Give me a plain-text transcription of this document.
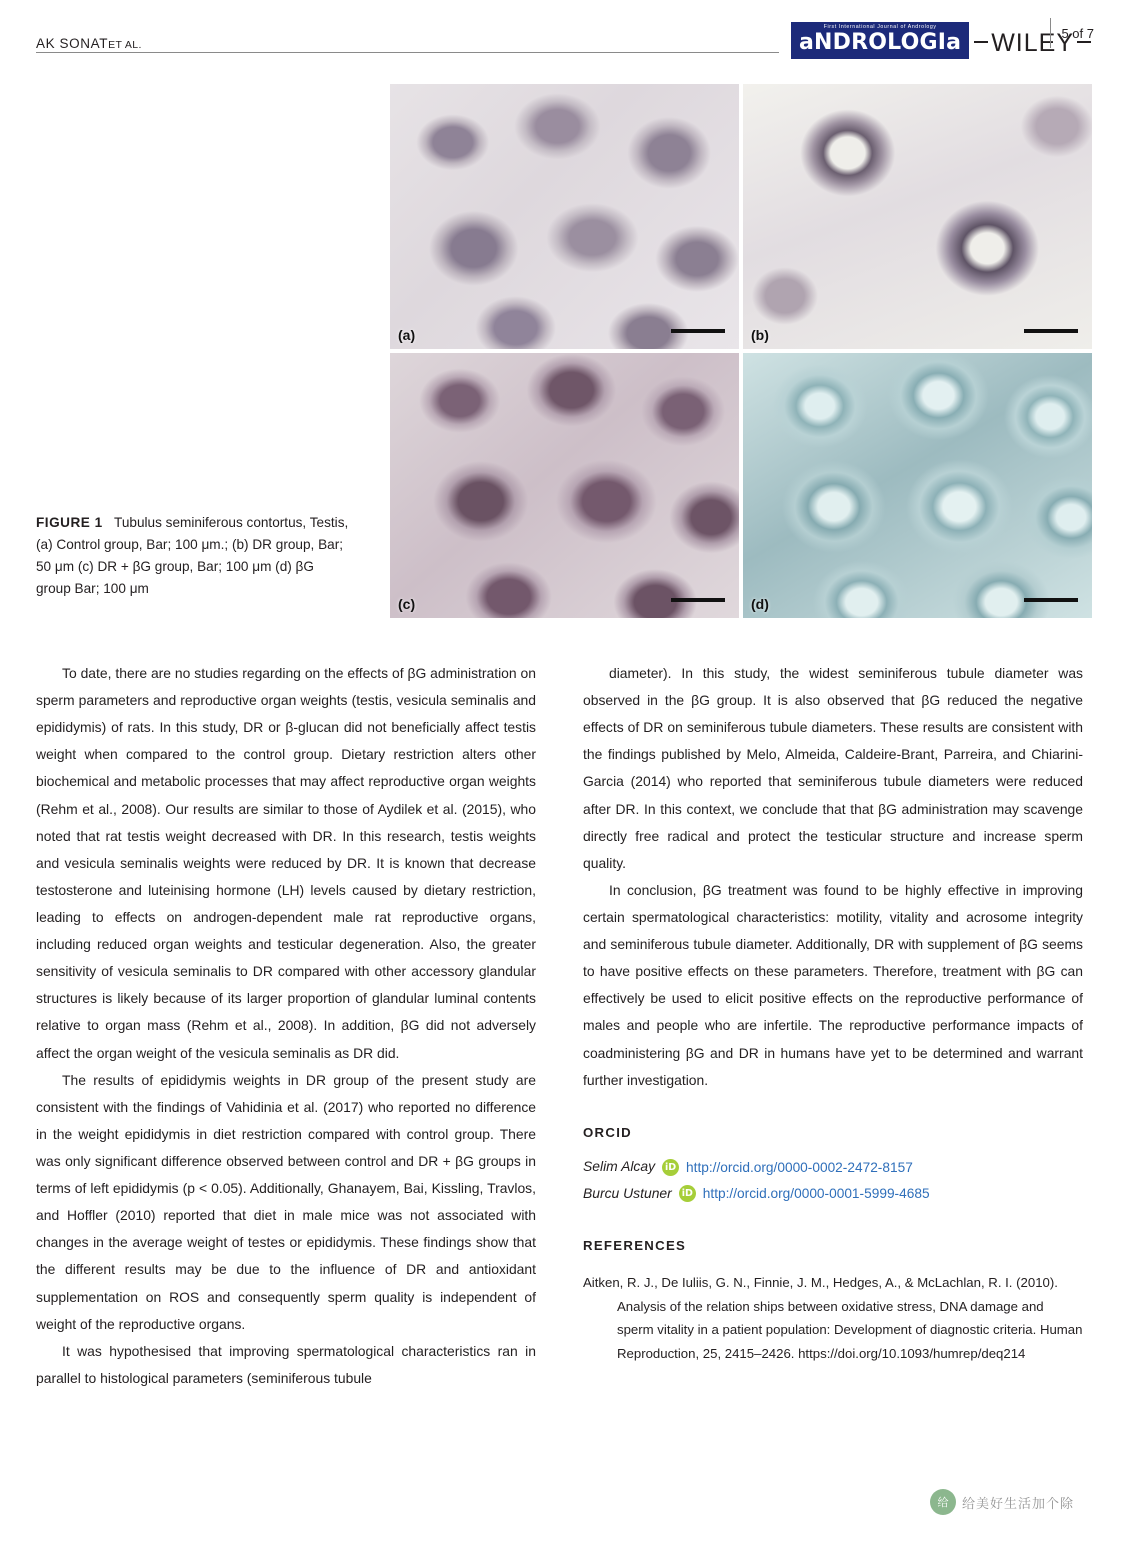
AK SONATET AL.
First International Journal of Andrology
aNDROLOGIa	WILEY
5 of 7
(a)	(b)
(c)	(d)
FIGURE 1 Tubulus seminiferous contortus, Testis, (a) Control group, Bar; 100 μm.; (b) DR group, Bar; 50 μm (c) DR + βG group, Bar; 100 μm (d) βG group Bar; 100 μm

To date, there are no studies regarding on the effects of βG administration on sperm parameters and reproductive organ weights (testis, vesicula seminalis and epididymis) of rats. In this study, DR or β-glucan did not beneficially affect testis weight when compared to the control group. Dietary restriction alters other biochemical and metabolic processes that may affect reproductive organ weights (Rehm et al., 2008). Our results are similar to those of Aydilek et al. (2015), who noted that rat testis weight decreased with DR. In this research, testis weights and vesicula seminalis weights were reduced by DR. It is known that decrease testosterone and luteinising hormone (LH) levels caused by dietary restriction, leading to effects on androgen-dependent male rat reproductive organs, including reduced organ weights and testicular degeneration. Also, the greater sensitivity of vesicula seminalis to DR compared with other accessory glandular structures is likely because of its larger proportion of glandular luminal contents relative to organ mass (Rehm et al., 2008). In addition, βG did not adversely affect the organ weight of the vesicula seminalis as DR did.

The results of epididymis weights in DR group of the present study are consistent with the findings of Vahidinia et al. (2017) who reported no difference in the weight epididymis in diet restriction compared with control group. There was only significant difference observed between control and DR + βG groups in terms of left epididymis (p < 0.05). Additionally, Ghanayem, Bai, Kissling, Travlos, and Hoffler (2010) reported that diet in male mice was not associated with changes in the average weight of testes or epididymis. These findings show that the different results may be due to the influence of DR and antioxidant supplementation on ROS and consequently sperm quality is independent of weight of the reproductive organs.

It was hypothesised that improving spermatological characteristics ran in parallel to histological parameters (seminiferous tubule

diameter). In this study, the widest seminiferous tubule diameter was observed in the βG group. It is also observed that βG reduced the negative effects of DR on seminiferous tubule diameters. These results are consistent with the findings published by Melo, Almeida, Caldeire-Brant, Parreira, and Chiarini-Garcia (2014) who reported that seminiferous tubule diameters were reduced after DR. In this context, we conclude that that βG administration may scavenge directly free radical and protect the testicular structure and increase sperm quality.

In conclusion, βG treatment was found to be highly effective in improving certain spermatological characteristics: motility, vitality and acrosome integrity and seminiferous tubule diameter. Additionally, DR with supplement of βG seems to have positive effects on these parameters. Therefore, treatment with βG can effectively be used to elicit positive effects on the reproductive performance of males and people who are infertile. The reproductive performance impacts of coadministering βG and DR in humans have yet to be determined and warrant further investigation.

ORCID
Selim Alcay	iD http://orcid.org/0000-0002-2472-8157
Burcu Ustuner	iD http://orcid.org/0000-0001-5999-4685
REFERENCES
Aitken, R. J., De Iuliis, G. N., Finnie, J. M., Hedges, A., & McLachlan, R. I. (2010). Analysis of the relation ships between oxidative stress, DNA damage and sperm vitality in a patient population: Development of diagnostic criteria. Human Reproduction, 25, 2415–2426. https://doi.org/10.1093/humrep/deq214
给	给美好生活加个除
